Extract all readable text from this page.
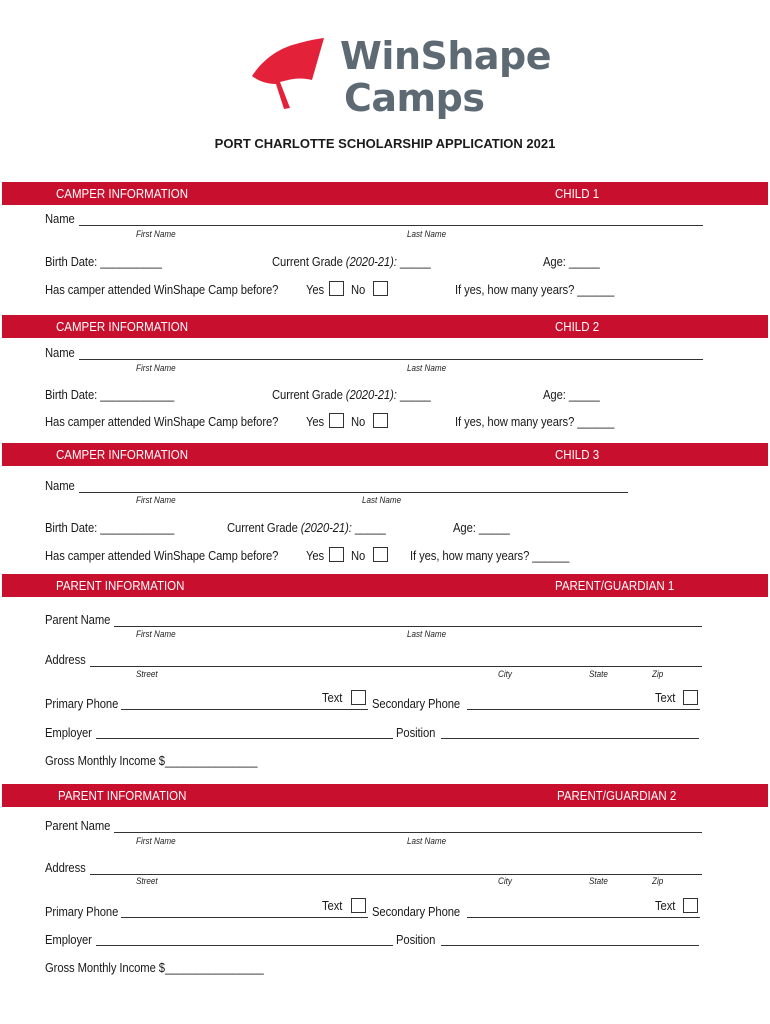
WinShape
Camps
PORT CHARLOTTE SCHOLARSHIP APPLICATION 2021
CAMPER INFORMATION	CHILD 1
Name
First Name	Last Name
Birth Date: __________	Current Grade (2020-21): _____	Age: _____
Has camper attended WinShape Camp before? Yes No	If yes, how many years? ______
CAMPER INFORMATION	CHILD 2
Name
First Name	Last Name
Birth Date: ____________	Current Grade (2020-21): _____	Age: _____
Has camper attended WinShape Camp before? Yes No	If yes, how many years? ______
CAMPER INFORMATION	CHILD 3
Name
First Name	Last Name
Birth Date: ____________	Current Grade (2020-21): _____	Age: _____
Has camper attended WinShape Camp before? Yes No	If yes, how many years? ______
PARENT INFORMATION	PARENT/GUARDIAN 1
Parent Name
First Name	Last Name
Address
Street	City	State	Zip
Primary Phone	Text Secondary Phone	Text
Employer	Position
Gross Monthly Income $_______________
PARENT INFORMATION	PARENT/GUARDIAN 2
Parent Name
First Name	Last Name
Address
Street	City	State	Zip
Primary Phone	Text Secondary Phone	Text
Employer	Position
Gross Monthly Income $________________
